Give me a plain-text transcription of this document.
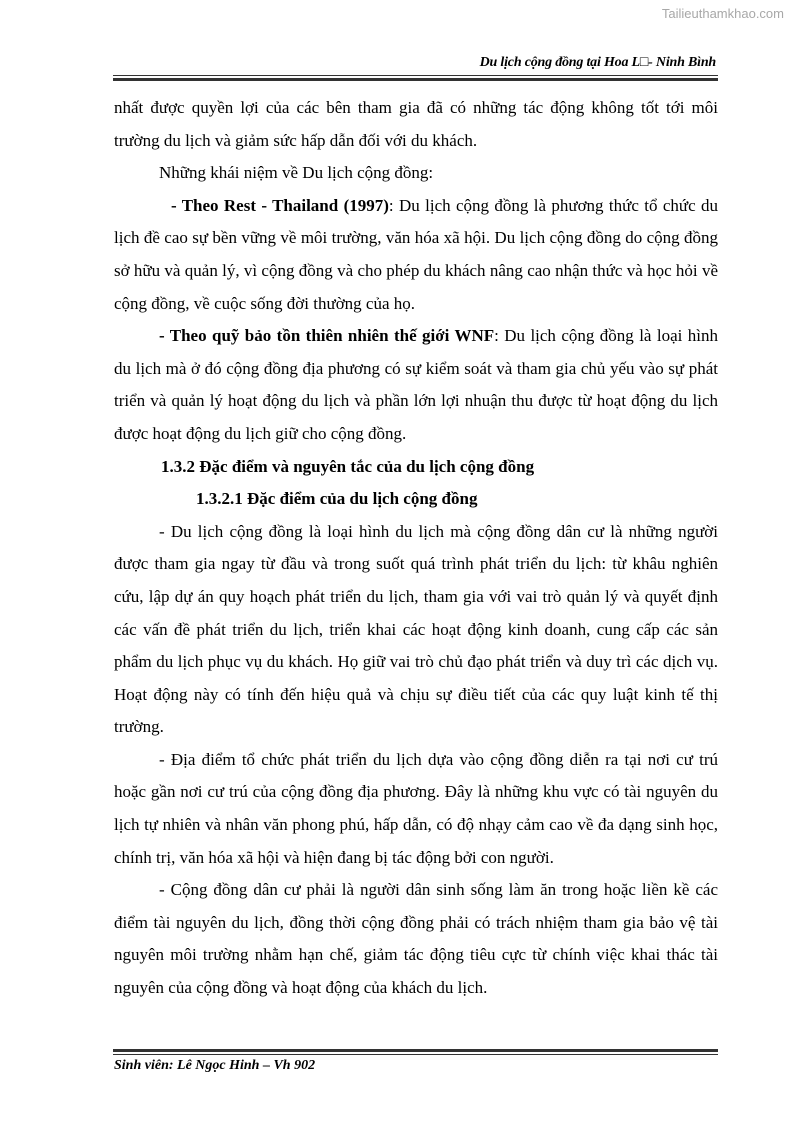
Tailieuthamkhao.com
Du lịch cộng đồng tại Hoa L□- Ninh Bình

nhất được quyền lợi của các bên tham gia đã có những tác động không tốt tới môi trường du lịch và giảm sức hấp dẫn đối với du khách.

Những khái niệm về Du lịch cộng đồng:

- Theo Rest - Thailand (1997): Du lịch cộng đồng là phương thức tổ chức du lịch đề cao sự bền vững về môi trường, văn hóa xã hội. Du lịch cộng đồng do cộng đồng sở hữu và quản lý, vì cộng đồng và cho phép du khách nâng cao nhận thức và học hỏi về cộng đồng, về cuộc sống đời thường của họ.

- Theo quỹ bảo tồn thiên nhiên thế giới WNF: Du lịch cộng đồng là loại hình du lịch mà ở đó cộng đồng địa phương có sự kiểm soát và tham gia chủ yếu vào sự phát triển và quản lý hoạt động du lịch và phần lớn lợi nhuận thu được từ hoạt động du lịch được hoạt động du lịch giữ cho cộng đồng.

1.3.2 Đặc điểm và nguyên tắc của du lịch cộng đồng

1.3.2.1 Đặc điểm của du lịch cộng đồng

- Du lịch cộng đồng là loại hình du lịch mà cộng đồng dân cư là những người được tham gia ngay từ đầu và trong suốt quá trình phát triển du lịch: từ khâu nghiên cứu, lập dự án quy hoạch phát triển du lịch, tham gia với vai trò quản lý và quyết định các vấn đề phát triển du lịch, triển khai các hoạt động kinh doanh, cung cấp các sản phẩm du lịch phục vụ du khách. Họ giữ vai trò chủ đạo phát triển và duy trì các dịch vụ. Hoạt động này có tính đến hiệu quả và chịu sự điều tiết của các quy luật kinh tế thị trường.

- Địa điểm tổ chức phát triển du lịch dựa vào cộng đồng diễn ra tại nơi cư trú hoặc gần nơi cư trú của cộng đồng địa phương. Đây là những khu vực có tài nguyên du lịch tự nhiên và nhân văn phong phú, hấp dẫn, có độ nhạy cảm cao về đa dạng sinh học, chính trị, văn hóa xã hội và hiện đang bị tác động bởi con người.

- Cộng đồng dân cư phải là người dân sinh sống làm ăn trong hoặc liền kề các điểm tài nguyên du lịch, đồng thời cộng đồng phải có trách nhiệm tham gia bảo vệ tài nguyên môi trường nhằm hạn chế, giảm tác động tiêu cực từ chính việc khai thác tài nguyên của cộng đồng và hoạt động của khách du lịch.

Sinh viên: Lê Ngọc Hinh – Vh 902
